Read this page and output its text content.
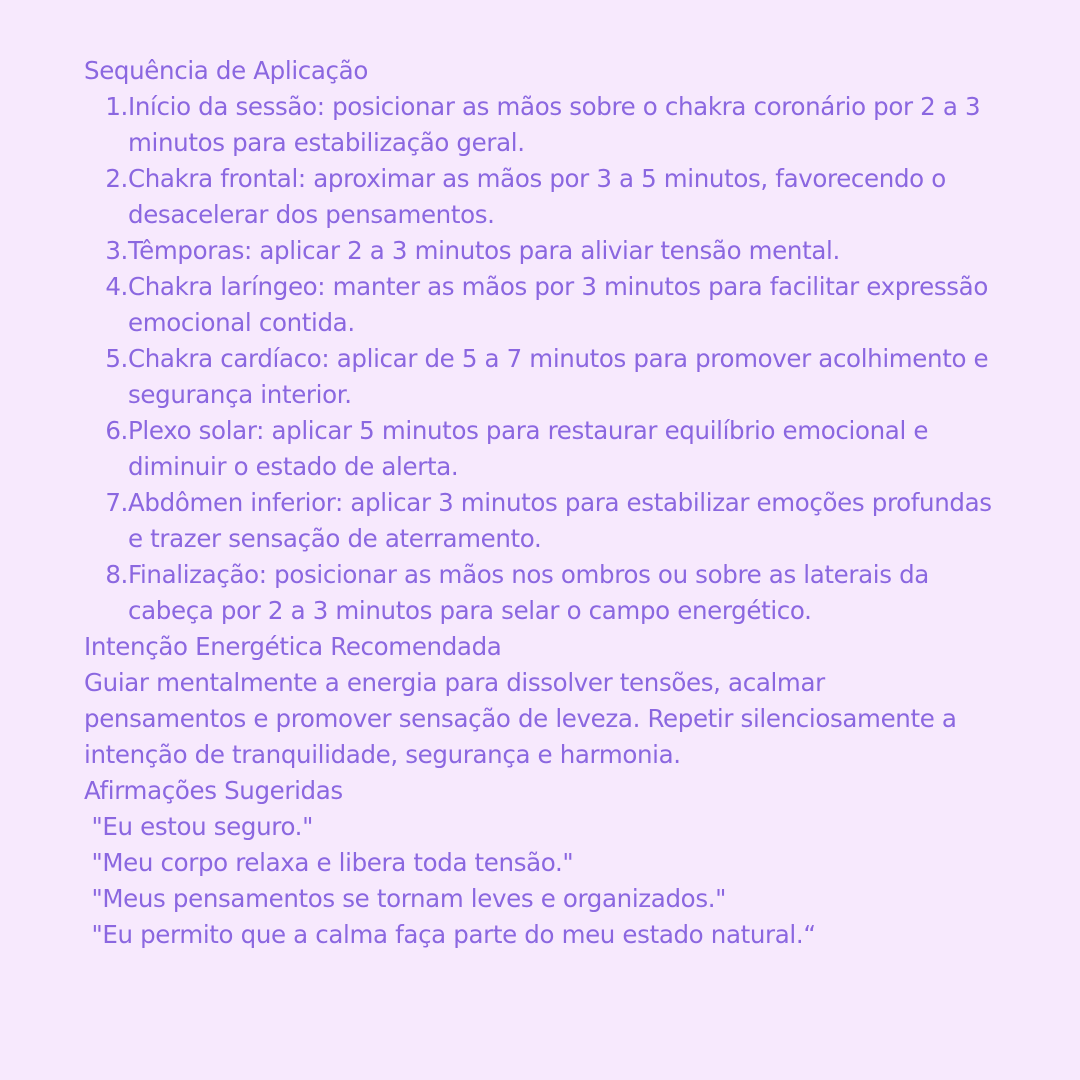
Sequência de Aplicação
1. Início da sessão: posicionar as mãos sobre o chakra coronário por 2 a 3 minutos para estabilização geral.
2. Chakra frontal: aproximar as mãos por 3 a 5 minutos, favorecendo o desacelerar dos pensamentos.
3. Têmporas: aplicar 2 a 3 minutos para aliviar tensão mental.
4. Chakra laríngeo: manter as mãos por 3 minutos para facilitar expressão emocional contida.
5. Chakra cardíaco: aplicar de 5 a 7 minutos para promover acolhimento e segurança interior.
6. Plexo solar: aplicar 5 minutos para restaurar equilíbrio emocional e diminuir o estado de alerta.
7. Abdômen inferior: aplicar 3 minutos para estabilizar emoções profundas e trazer sensação de aterramento.
8. Finalização: posicionar as mãos nos ombros ou sobre as laterais da cabeça por 2 a 3 minutos para selar o campo energético.
Intenção Energética Recomendada

Guiar mentalmente a energia para dissolver tensões, acalmar pensamentos e promover sensação de leveza. Repetir silenciosamente a intenção de tranquilidade, segurança e harmonia.

Afirmações Sugeridas
"Eu estou seguro."
"Meu corpo relaxa e libera toda tensão."
"Meus pensamentos se tornam leves e organizados."
"Eu permito que a calma faça parte do meu estado natural.“
